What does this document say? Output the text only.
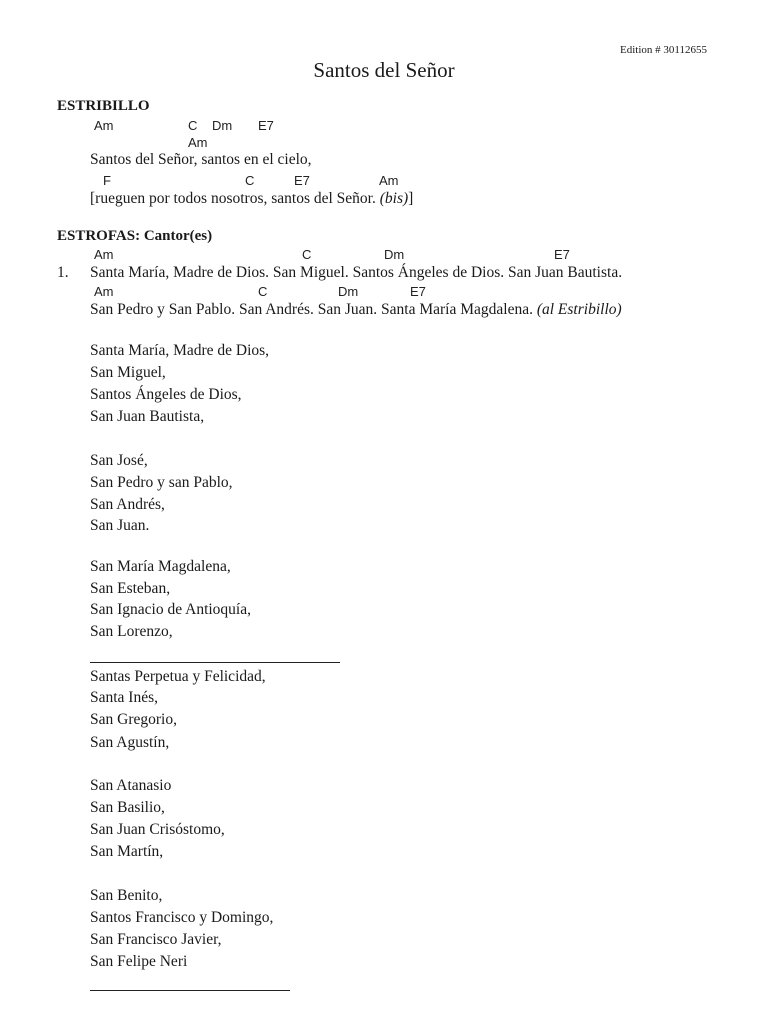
Edition # 30112655
Santos del Señor
ESTRIBILLO
Am	C Dm E7
Am
Santos del Señor, santos en el cielo,
F	C	E7	Am
[rueguen por todos nosotros, santos del Señor. (bis)]
ESTROFAS: Cantor(es)
Am	C	Dm	E7
1. Santa María, Madre de Dios. San Miguel. Santos Ángeles de Dios. San Juan Bautista.
Am	C	Dm	E7
San Pedro y San Pablo. San Andrés. San Juan. Santa María Magdalena. (al Estribillo)
Santa María, Madre de Dios,
San Miguel,
Santos Ángeles de Dios,
San Juan Bautista,
San José,
San Pedro y san Pablo,
San Andrés,
San Juan.
San María Magdalena,
San Esteban,
San Ignacio de Antioquía,
San Lorenzo,
Santas Perpetua y Felicidad,
Santa Inés,
San Gregorio,
San Agustín,
San Atanasio
San Basilio,
San Juan Crisóstomo,
San Martín,
San Benito,
Santos Francisco y Domingo,
San Francisco Javier,
San Felipe Neri
